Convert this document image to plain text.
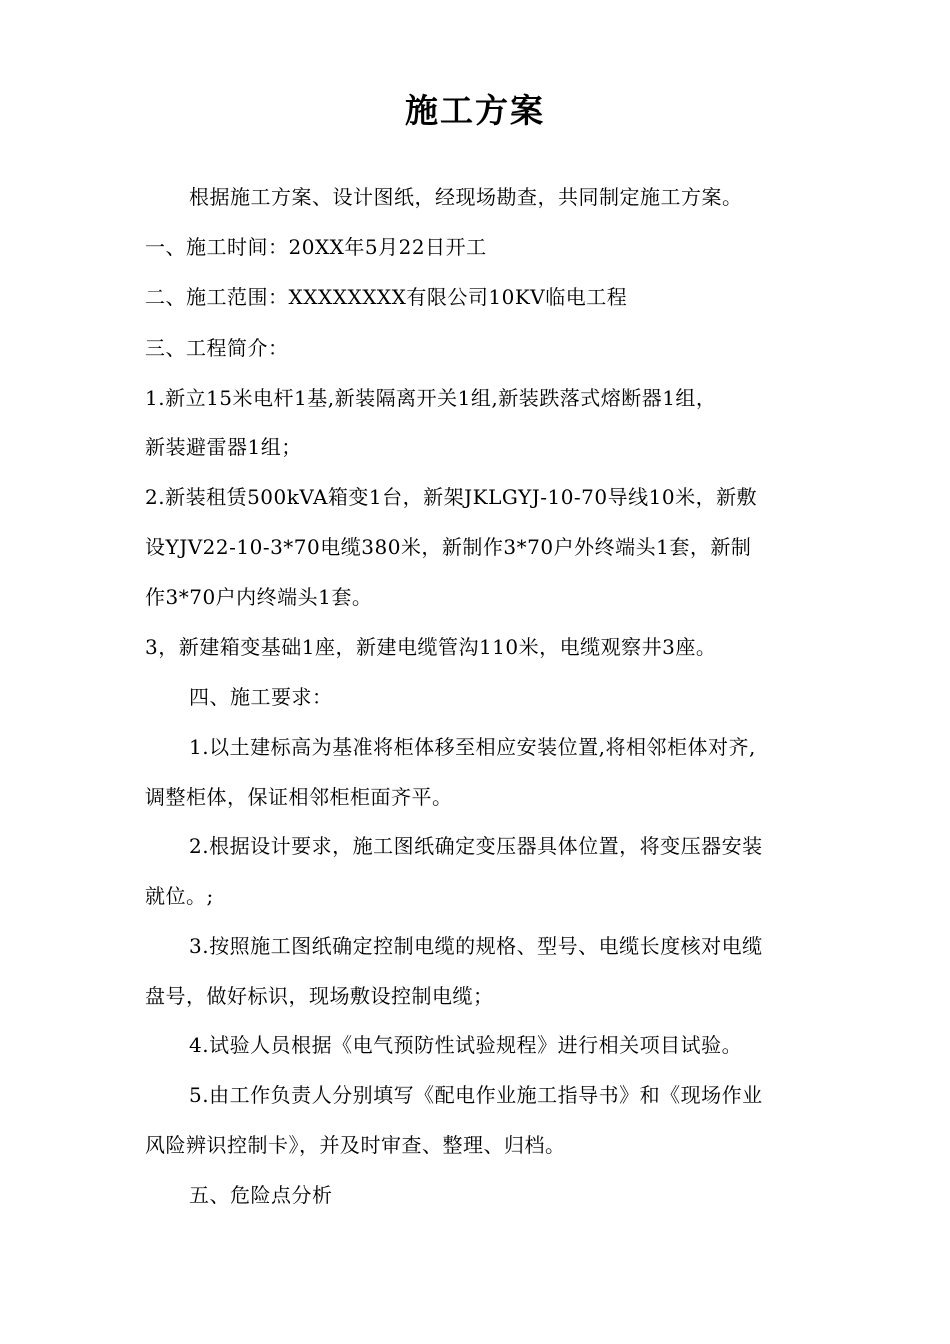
施工方案
根据施工方案、设计图纸，经现场勘查，共同制定施工方案。
一、施工时间：20XX年5月22日开工
二、施工范围：XXXXXXXX有限公司10KV临电工程
三、工程简介：
1.新立15米电杆1基,新装隔离开关1组,新装跌落式熔断器1组，
新装避雷器1组；
2.新装租赁500kVA箱变1台，新架JKLGYJ-10-70导线10米，新敷
设YJV22-10-3*70电缆380米，新制作3*70户外终端头1套，新制
作3*70户内终端头1套。
3，新建箱变基础1座，新建电缆管沟110米，电缆观察井3座。
四、施工要求：
1.以土建标高为基准将柜体移至相应安装位置,将相邻柜体对齐,
调整柜体，保证相邻柜柜面齐平。
2.根据设计要求，施工图纸确定变压器具体位置，将变压器安装
就位。;
3.按照施工图纸确定控制电缆的规格、型号、电缆长度核对电缆
盘号，做好标识，现场敷设控制电缆；
4.试验人员根据《电气预防性试验规程》进行相关项目试验。
5.由工作负责人分别填写《配电作业施工指导书》和《现场作业
风险辨识控制卡》，并及时审查、整理、归档。
五、危险点分析
